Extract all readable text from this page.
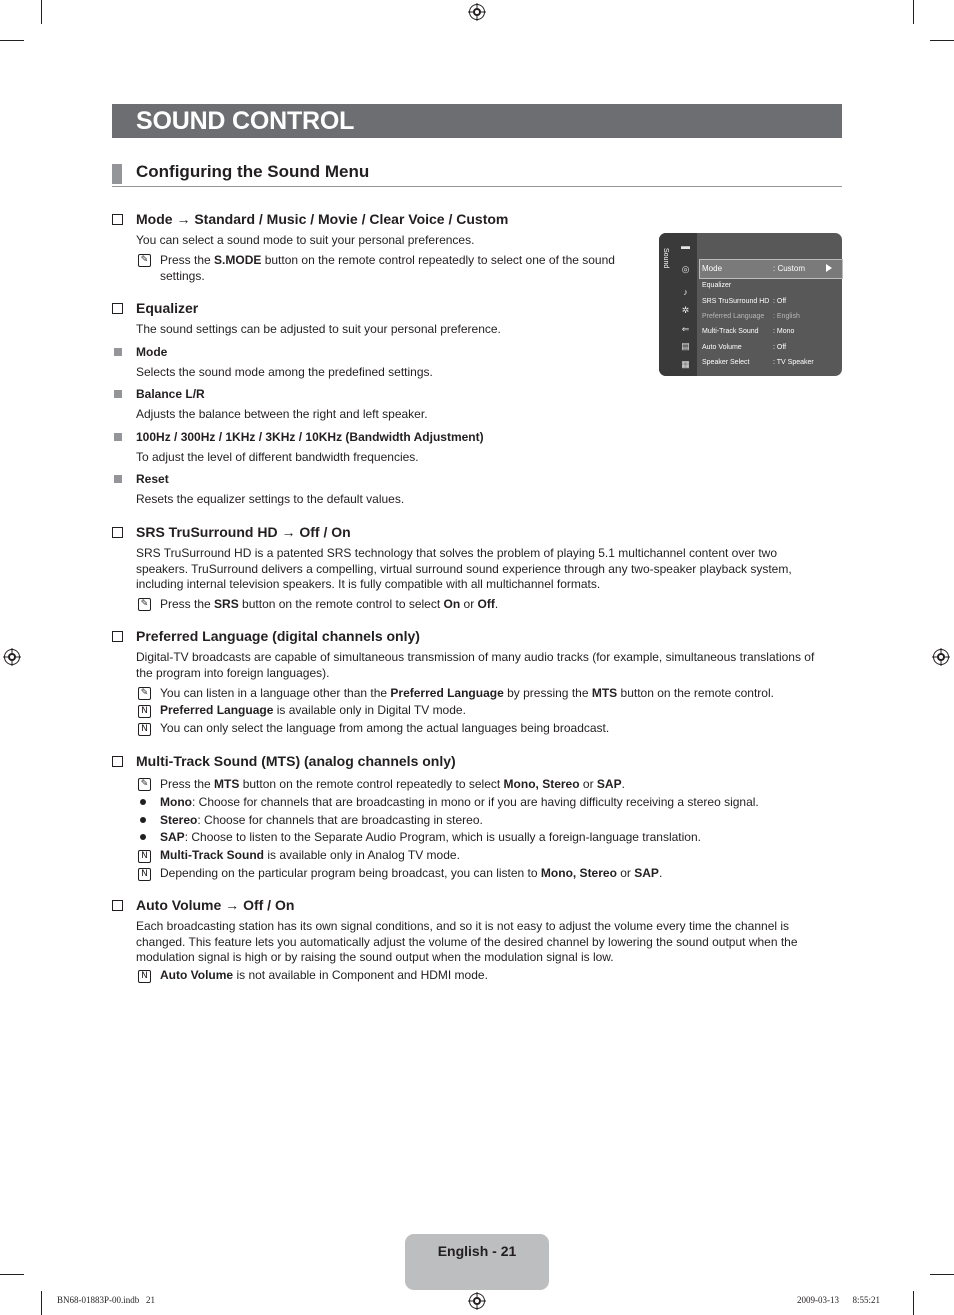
SOUND CONTROL
Configuring the Sound Menu
Mode → Standard / Music / Movie / Clear Voice / Custom
You can select a sound mode to suit your personal preferences.
✎ Press the S.MODE button on the remote control repeatedly to select one of the sound
settings.
Equalizer
The sound settings can be adjusted to suit your personal preference.
Mode
Selects the sound mode among the predefined settings.
Balance L/R
Adjusts the balance between the right and left speaker.
100Hz / 300Hz / 1KHz / 3KHz / 10KHz (Bandwidth Adjustment)
To adjust the level of different bandwidth frequencies.
Reset
Resets the equalizer settings to the default values.
Sound
▬
◎
♪
✲
⇐
▤
▦
Mode	: Custom
Equalizer
SRS TruSurround HD : Off
Preferred Language : English
Multi-Track Sound : Mono
Auto Volume	: Off
Speaker Select	: TV Speaker
SRS TruSurround HD → Off / On
SRS TruSurround HD is a patented SRS technology that solves the problem of playing 5.1 multichannel content over two
speakers. TruSurround delivers a compelling, virtual surround sound experience through any two-speaker playback system,
including internal television speakers. It is fully compatible with all multichannel formats.
✎ Press the SRS button on the remote control to select On or Off.
Preferred Language (digital channels only)
Digital-TV broadcasts are capable of simultaneous transmission of many audio tracks (for example, simultaneous translations of
the program into foreign languages).
✎ You can listen in a language other than the Preferred Language by pressing the MTS button on the remote control.
N Preferred Language is available only in Digital TV mode.
N You can only select the language from among the actual languages being broadcast.
Multi-Track Sound (MTS) (analog channels only)
✎ Press the MTS button on the remote control repeatedly to select Mono, Stereo or SAP.
Mono: Choose for channels that are broadcasting in mono or if you are having difficulty receiving a stereo signal.
Stereo: Choose for channels that are broadcasting in stereo.
SAP: Choose to listen to the Separate Audio Program, which is usually a foreign-language translation.
N Multi-Track Sound is available only in Analog TV mode.
N Depending on the particular program being broadcast, you can listen to Mono, Stereo or SAP.
Auto Volume → Off / On
Each broadcasting station has its own signal conditions, and so it is not easy to adjust the volume every time the channel is
changed. This feature lets you automatically adjust the volume of the desired channel by lowering the sound output when the
modulation signal is high or by raising the sound output when the modulation signal is low.
N Auto Volume is not available in Component and HDMI mode.
English - 21
BN68-01883P-00.indb   21	2009-03-13      8:55:21
